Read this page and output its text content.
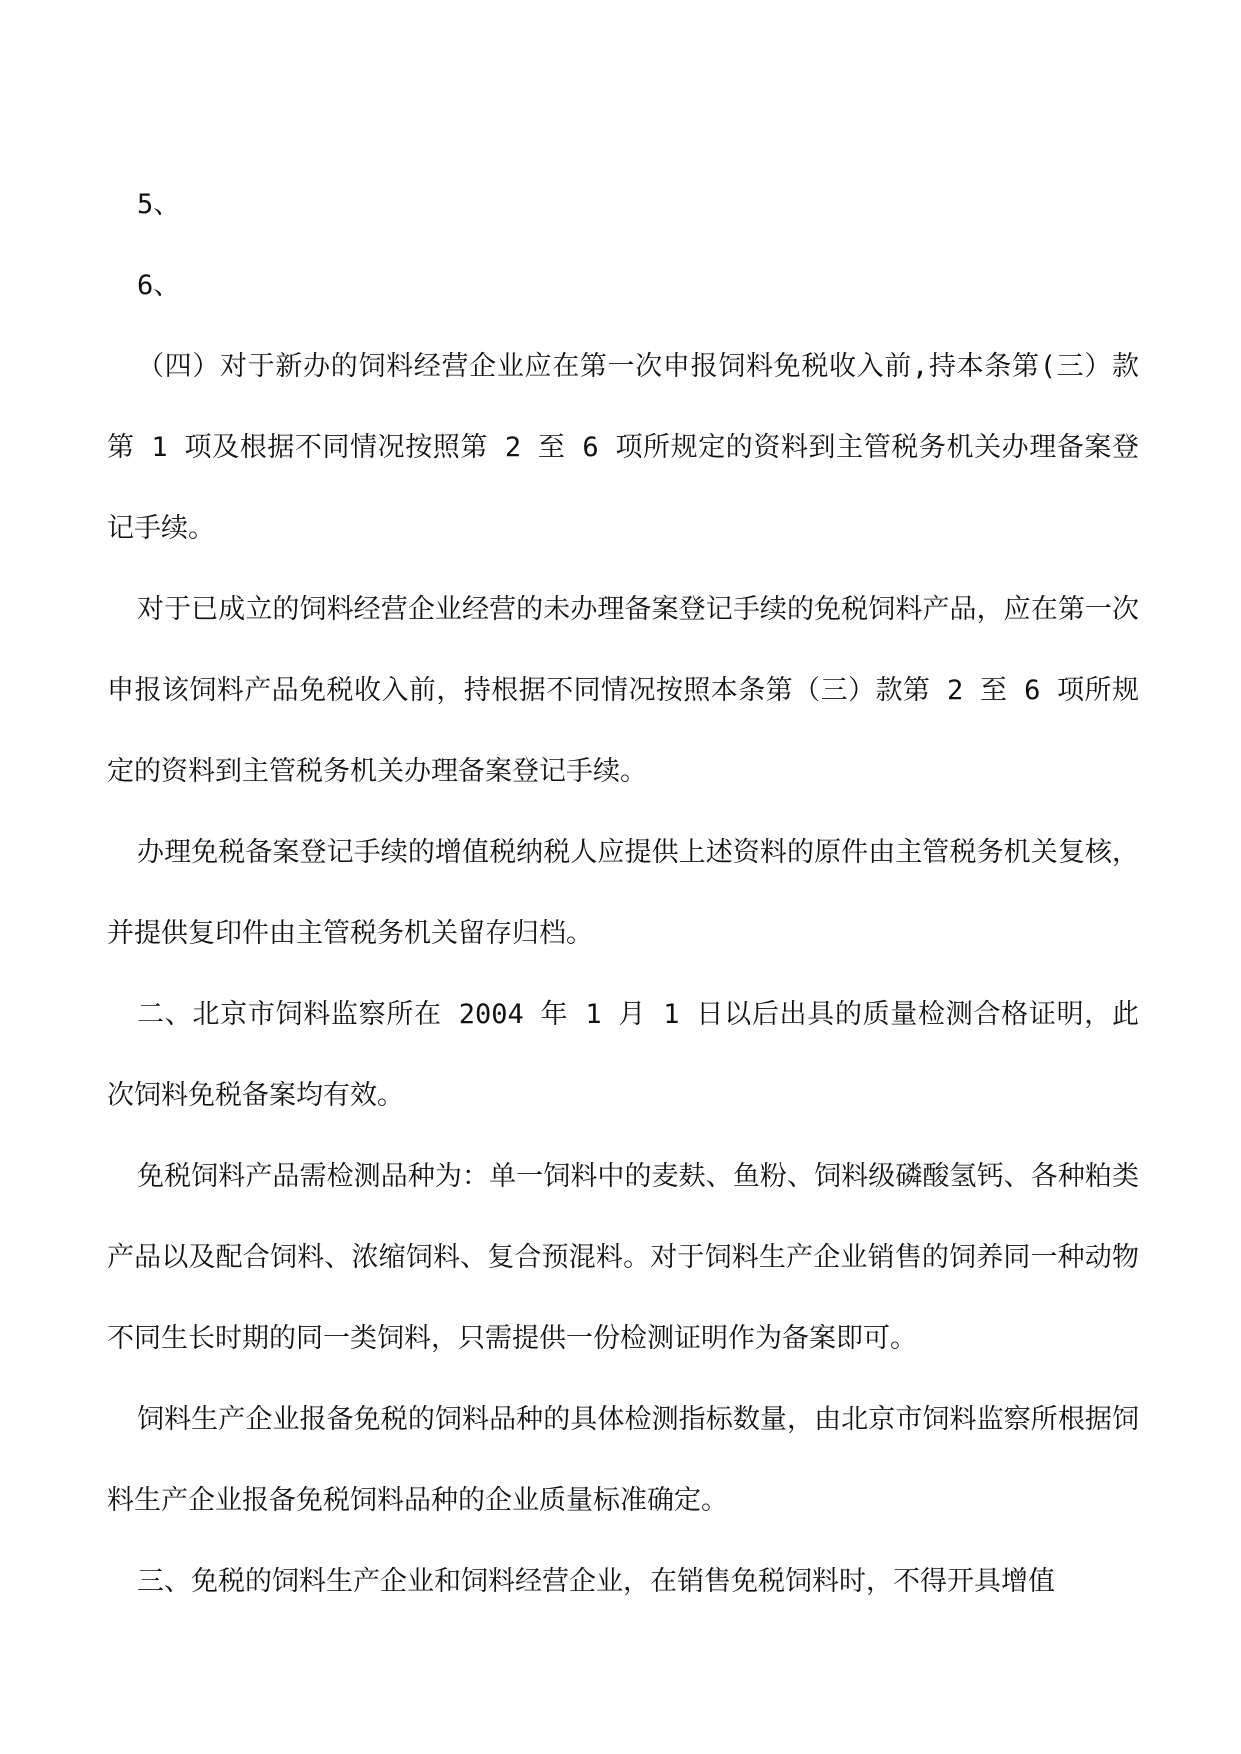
5、

6、

（四）对于新办的饲料经营企业应在第一次申报饲料免税收入前,持本条第(三）款第 1 项及根据不同情况按照第 2 至 6 项所规定的资料到主管税务机关办理备案登记手续。

对于已成立的饲料经营企业经营的未办理备案登记手续的免税饲料产品，应在第一次申报该饲料产品免税收入前，持根据不同情况按照本条第（三）款第 2 至 6 项所规定的资料到主管税务机关办理备案登记手续。

办理免税备案登记手续的增值税纳税人应提供上述资料的原件由主管税务机关复核，并提供复印件由主管税务机关留存归档。

二、北京市饲料监察所在 2004 年 1 月 1 日以后出具的质量检测合格证明，此次饲料免税备案均有效。

免税饲料产品需检测品种为：单一饲料中的麦麸、鱼粉、饲料级磷酸氢钙、各种粕类产品以及配合饲料、浓缩饲料、复合预混料。对于饲料生产企业销售的饲养同一种动物不同生长时期的同一类饲料，只需提供一份检测证明作为备案即可。

饲料生产企业报备免税的饲料品种的具体检测指标数量，由北京市饲料监察所根据饲料生产企业报备免税饲料品种的企业质量标准确定。

三、免税的饲料生产企业和饲料经营企业，在销售免税饲料时，不得开具增值
